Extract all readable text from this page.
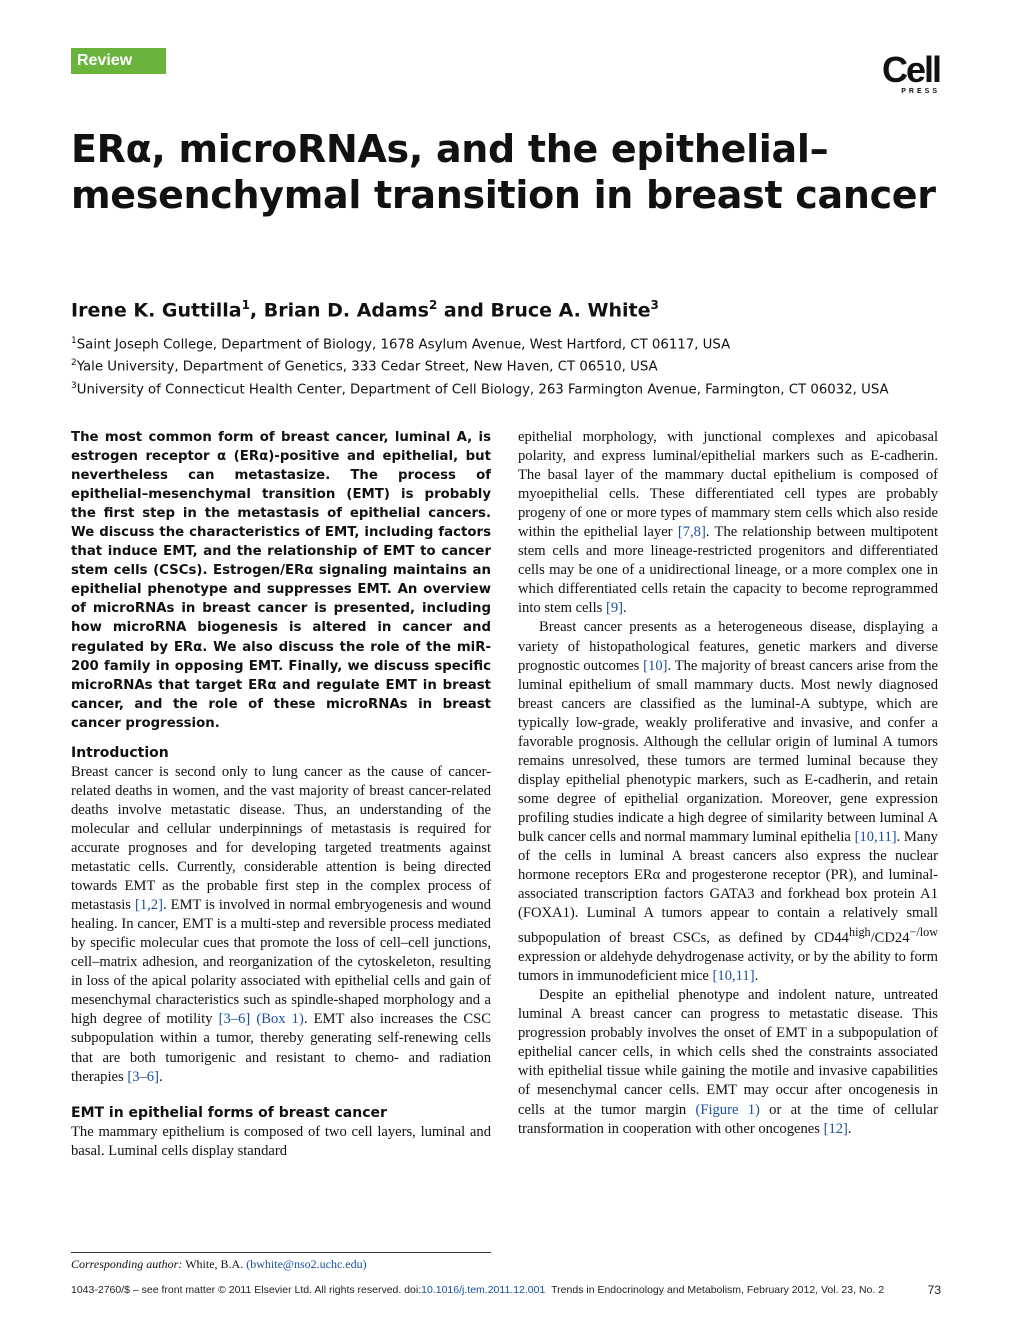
Review	Cell
PRESS
ERα, microRNAs, and the epithelial–mesenchymal transition in breast cancer
Irene K. Guttilla$^1$, Brian D. Adams$^2$ and Bruce A. White$^3$
$^1$Saint Joseph College, Department of Biology, 1678 Asylum Avenue, West Hartford, CT 06117, USA
$^2$Yale University, Department of Genetics, 333 Cedar Street, New Haven, CT 06510, USA
$^3$University of Connecticut Health Center, Department of Cell Biology, 263 Farmington Avenue, Farmington, CT 06032, USA

The most common form of breast cancer, luminal A, is estrogen receptor α (ERα)-positive and epithelial, but nevertheless can metastasize. The process of epithelial–mesenchymal transition (EMT) is probably the first step in the metastasis of epithelial cancers. We discuss the characteristics of EMT, including factors that induce EMT, and the relationship of EMT to cancer stem cells (CSCs). Estrogen/ERα signaling maintains an epithelial phenotype and suppresses EMT. An overview of microRNAs in breast cancer is presented, including how microRNA biogenesis is altered in cancer and regulated by ERα. We also discuss the role of the miR-200 family in opposing EMT. Finally, we discuss specific microRNAs that target ERα and regulate EMT in breast cancer, and the role of these microRNAs in breast cancer progression.

Introduction

Breast cancer is second only to lung cancer as the cause of cancer-related deaths in women, and the vast majority of breast cancer-related deaths involve metastatic disease. Thus, an understanding of the molecular and cellular underpinnings of metastasis is required for accurate prognoses and for developing targeted treatments against metastatic cells. Currently, considerable attention is being directed towards EMT as the probable first step in the complex process of metastasis [1,2]. EMT is involved in normal embryogenesis and wound healing. In cancer, EMT is a multi-step and reversible process mediated by specific molecular cues that promote the loss of cell–cell junctions, cell–matrix adhesion, and reorganization of the cytoskeleton, resulting in loss of the apical polarity associated with epithelial cells and gain of mesenchymal characteristics such as spindle-shaped morphology and a high degree of motility [3–6] (Box 1). EMT also increases the CSC subpopulation within a tumor, thereby generating self-renewing cells that are both tumorigenic and resistant to chemo- and radiation therapies [3–6].

EMT in epithelial forms of breast cancer

The mammary epithelium is composed of two cell layers, luminal and basal. Luminal cells display standard

epithelial morphology, with junctional complexes and apicobasal polarity, and express luminal/epithelial markers such as E-cadherin. The basal layer of the mammary ductal epithelium is composed of myoepithelial cells. These differentiated cell types are probably progeny of one or more types of mammary stem cells which also reside within the epithelial layer [7,8]. The relationship between multipotent stem cells and more lineage-restricted progenitors and differentiated cells may be one of a unidirectional lineage, or a more complex one in which differentiated cells retain the capacity to become reprogrammed into stem cells [9].

Breast cancer presents as a heterogeneous disease, displaying a variety of histopathological features, genetic markers and diverse prognostic outcomes [10]. The majority of breast cancers arise from the luminal epithelium of small mammary ducts. Most newly diagnosed breast cancers are classified as the luminal-A subtype, which are typically low-grade, weakly proliferative and invasive, and confer a favorable prognosis. Although the cellular origin of luminal A tumors remains unresolved, these tumors are termed luminal because they display epithelial phenotypic markers, such as E-cadherin, and retain some degree of epithelial organization. Moreover, gene expression profiling studies indicate a high degree of similarity between luminal A bulk cancer cells and normal mammary luminal epithelia [10,11]. Many of the cells in luminal A breast cancers also express the nuclear hormone receptors ERα and progesterone receptor (PR), and luminal-associated transcription factors GATA3 and forkhead box protein A1 (FOXA1). Luminal A tumors appear to contain a relatively small subpopulation of breast CSCs, as defined by $CD44^{high}/CD24^{-/low}$ expression or aldehyde dehydrogenase activity, or by the ability to form tumors in immunodeficient mice [10,11].

Despite an epithelial phenotype and indolent nature, untreated luminal A breast cancer can progress to metastatic disease. This progression probably involves the onset of EMT in a subpopulation of epithelial cancer cells, in which cells shed the constraints associated with epithelial tissue while gaining the motile and invasive capabilities of mesenchymal cancer cells. EMT may occur after oncogenesis in cells at the tumor margin (Figure 1) or at the time of cellular transformation in cooperation with other oncogenes [12].

Corresponding author: White, B.A. (bwhite@nso2.uchc.edu)
1043-2760/$ – see front matter © 2011 Elsevier Ltd. All rights reserved. doi:10.1016/j.tem.2011.12.001 Trends in Endocrinology and Metabolism, February 2012, Vol. 23, No. 2	73
